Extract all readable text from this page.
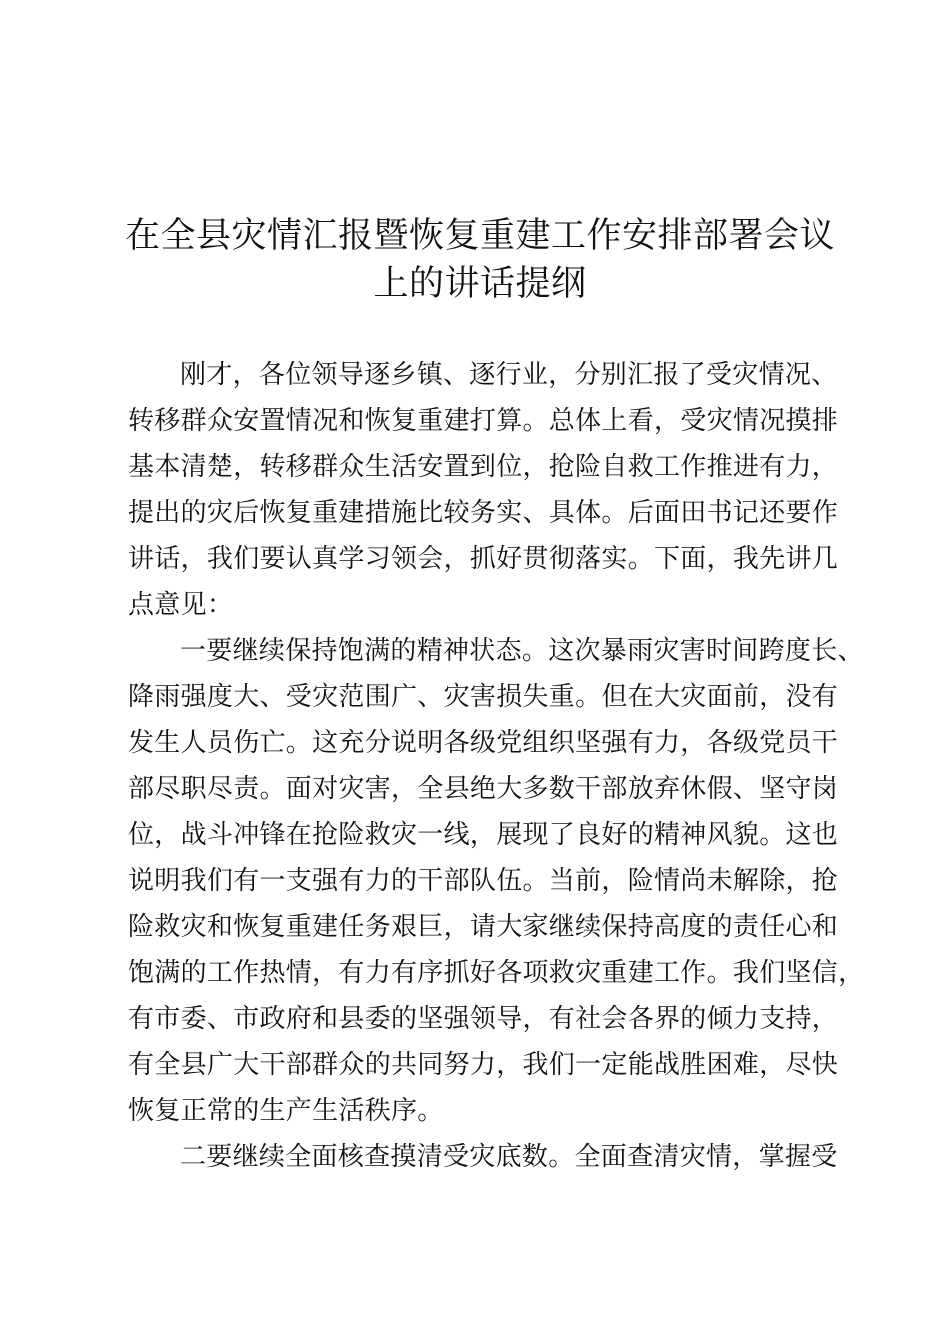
在全县灾情汇报暨恢复重建工作安排部署会议
上的讲话提纲
刚才，各位领导逐乡镇、逐行业，分别汇报了受灾情况、
转移群众安置情况和恢复重建打算。总体上看，受灾情况摸排
基本清楚，转移群众生活安置到位，抢险自救工作推进有力，
提出的灾后恢复重建措施比较务实、具体。后面田书记还要作
讲话，我们要认真学习领会，抓好贯彻落实。下面，我先讲几
点意见：
一要继续保持饱满的精神状态。这次暴雨灾害时间跨度长、
降雨强度大、受灾范围广、灾害损失重。但在大灾面前，没有
发生人员伤亡。这充分说明各级党组织坚强有力，各级党员干
部尽职尽责。面对灾害，全县绝大多数干部放弃休假、坚守岗
位，战斗冲锋在抢险救灾一线，展现了良好的精神风貌。这也
说明我们有一支强有力的干部队伍。当前，险情尚未解除，抢
险救灾和恢复重建任务艰巨，请大家继续保持高度的责任心和
饱满的工作热情，有力有序抓好各项救灾重建工作。我们坚信，
有市委、市政府和县委的坚强领导，有社会各界的倾力支持，
有全县广大干部群众的共同努力，我们一定能战胜困难，尽快
恢复正常的生产生活秩序。
二要继续全面核查摸清受灾底数。全面查清灾情，掌握受
